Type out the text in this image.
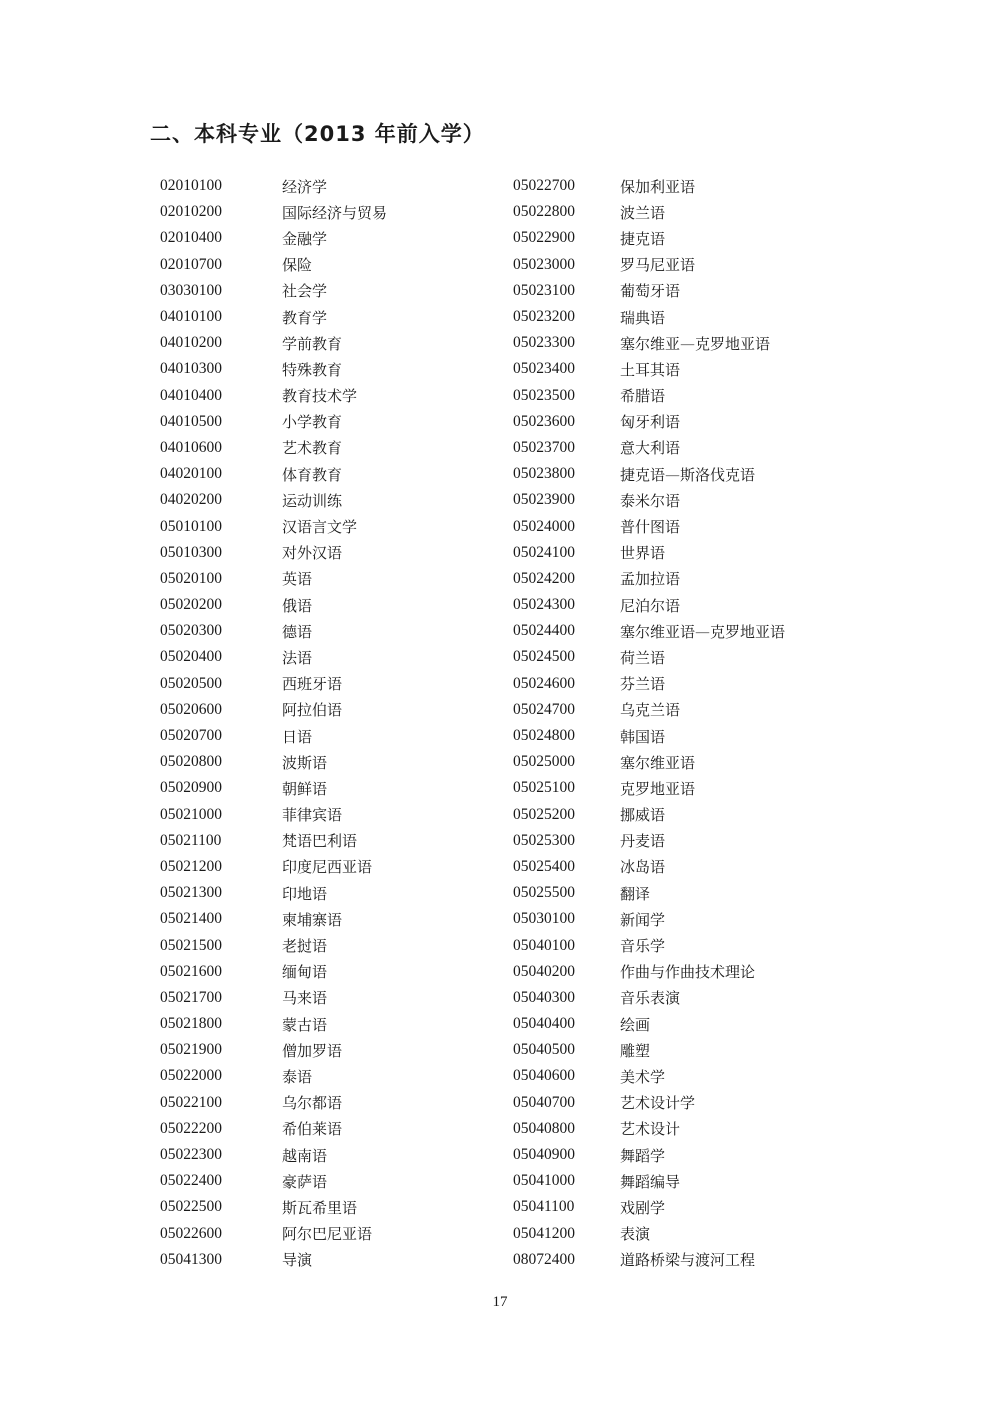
二、本科专业（2013 年前入学）
02010100	经济学
02010200	国际经济与贸易
02010400	金融学
02010700	保险
03030100	社会学
04010100	教育学
04010200	学前教育
04010300	特殊教育
04010400	教育技术学
04010500	小学教育
04010600	艺术教育
04020100	体育教育
04020200	运动训练
05010100	汉语言文学
05010300	对外汉语
05020100	英语
05020200	俄语
05020300	德语
05020400	法语
05020500	西班牙语
05020600	阿拉伯语
05020700	日语
05020800	波斯语
05020900	朝鲜语
05021000	菲律宾语
05021100	梵语巴利语
05021200	印度尼西亚语
05021300	印地语
05021400	柬埔寨语
05021500	老挝语
05021600	缅甸语
05021700	马来语
05021800	蒙古语
05021900	僧加罗语
05022000	泰语
05022100	乌尔都语
05022200	希伯莱语
05022300	越南语
05022400	豪萨语
05022500	斯瓦希里语
05022600	阿尔巴尼亚语
05041300	导演
05022700	保加利亚语
05022800	波兰语
05022900	捷克语
05023000	罗马尼亚语
05023100	葡萄牙语
05023200	瑞典语
05023300	塞尔维亚—克罗地亚语
05023400	土耳其语
05023500	希腊语
05023600	匈牙利语
05023700	意大利语
05023800	捷克语—斯洛伐克语
05023900	泰米尔语
05024000	普什图语
05024100	世界语
05024200	孟加拉语
05024300	尼泊尔语
05024400	塞尔维亚语—克罗地亚语
05024500	荷兰语
05024600	芬兰语
05024700	乌克兰语
05024800	韩国语
05025000	塞尔维亚语
05025100	克罗地亚语
05025200	挪威语
05025300	丹麦语
05025400	冰岛语
05025500	翻译
05030100	新闻学
05040100	音乐学
05040200	作曲与作曲技术理论
05040300	音乐表演
05040400	绘画
05040500	雕塑
05040600	美术学
05040700	艺术设计学
05040800	艺术设计
05040900	舞蹈学
05041000	舞蹈编导
05041100	戏剧学
05041200	表演
08072400	道路桥梁与渡河工程
17
